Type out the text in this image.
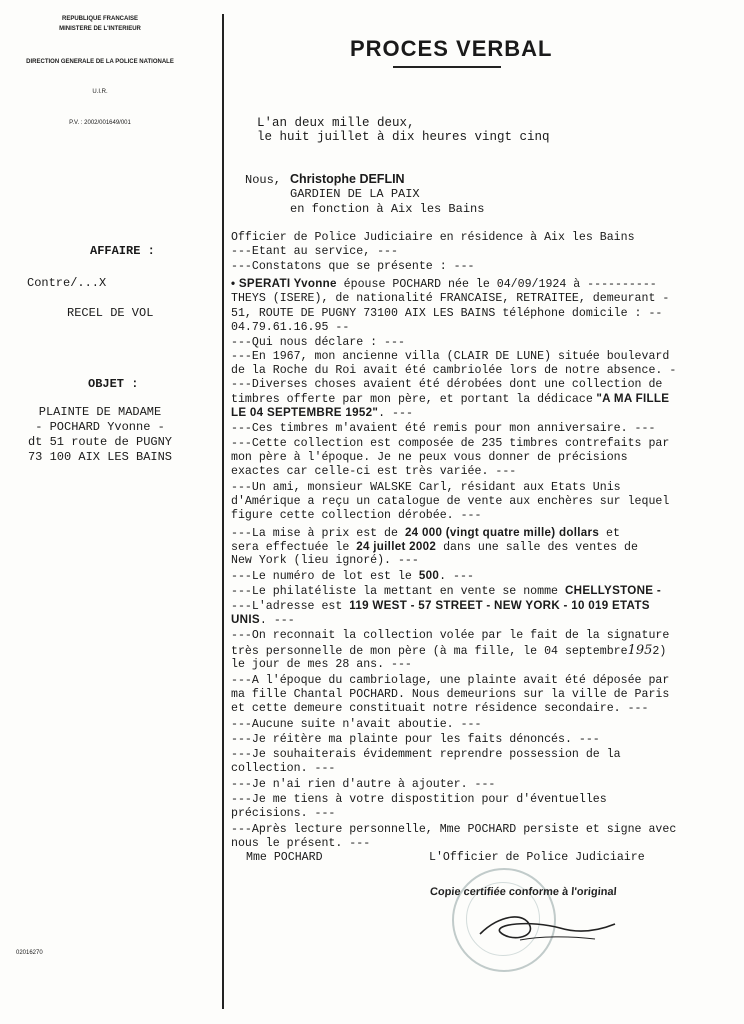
REPUBLIQUE FRANCAISE
MINISTERE DE L'INTERIEUR
DIRECTION GENERALE DE LA POLICE NATIONALE
U.I.R.
P.V. : 2002/001649/001
PROCES VERBAL
AFFAIRE :
Contre/...X
RECEL DE VOL
OBJET :
PLAINTE DE MADAME
- POCHARD Yvonne -
dt 51 route de PUGNY
73 100 AIX LES BAINS
02016270
L'an deux mille deux,
le huit juillet à dix heures vingt cinq
Nous, Christophe DEFLIN
GARDIEN DE LA PAIX
en fonction à Aix les Bains
Officier de Police Judiciaire en résidence à Aix les Bains
---Etant au service, ---
---Constatons que se présente : ---
• SPERATI Yvonne épouse POCHARD née le 04/09/1924 à ----------
THEYS (ISERE), de nationalité FRANCAISE, RETRAITEE, demeurant -
51, ROUTE DE PUGNY 73100 AIX LES BAINS téléphone domicile : --
04.79.61.16.95 --
---Qui nous déclare : ---
---En 1967, mon ancienne villa (CLAIR DE LUNE) située boulevard
de la Roche du Roi avait été cambriolée lors de notre absence. -
---Diverses choses avaient été dérobées dont une collection de
timbres offerte par mon père, et portant la dédicace "A MA FILLE
LE 04 SEPTEMBRE 1952". ---
---Ces timbres m'avaient été remis pour mon anniversaire. ---
---Cette collection est composée de 235 timbres contrefaits par
mon père à l'époque. Je ne peux vous donner de précisions
exactes car celle-ci est très variée. ---
---Un ami, monsieur WALSKE Carl, résidant aux Etats Unis
d'Amérique a reçu un catalogue de vente aux enchères sur lequel
figure cette collection dérobée. ---
---La mise à prix est de 24 000 (vingt quatre mille) dollars et
sera effectuée le 24 juillet 2002 dans une salle des ventes de
New York (lieu ignoré). ---
---Le numéro de lot est le 500. ---
---Le philatéliste la mettant en vente se nomme CHELLYSTONE -
---L'adresse est 119 WEST - 57 STREET - NEW YORK - 10 019 ETATS
UNIS. ---
---On reconnait la collection volée par le fait de la signature
très personnelle de mon père (à ma fille, le 04 septembre1952)
le jour de mes 28 ans. ---
---A l'époque du cambriolage, une plainte avait été déposée par
ma fille Chantal POCHARD. Nous demeurions sur la ville de Paris
et cette demeure constituait notre résidence secondaire. ---
---Aucune suite n'avait aboutie. ---
---Je réitère ma plainte pour les faits dénoncés. ---
---Je souhaiterais évidemment reprendre possession de la
collection. ---
---Je n'ai rien d'autre à ajouter. ---
---Je me tiens à votre dispostition pour d'éventuelles
précisions. ---
---Après lecture personnelle, Mme POCHARD persiste et signe avec
nous le présent. ---
Mme POCHARD	L'Officier de Police Judiciaire
Copie certifiée conforme à l'original
